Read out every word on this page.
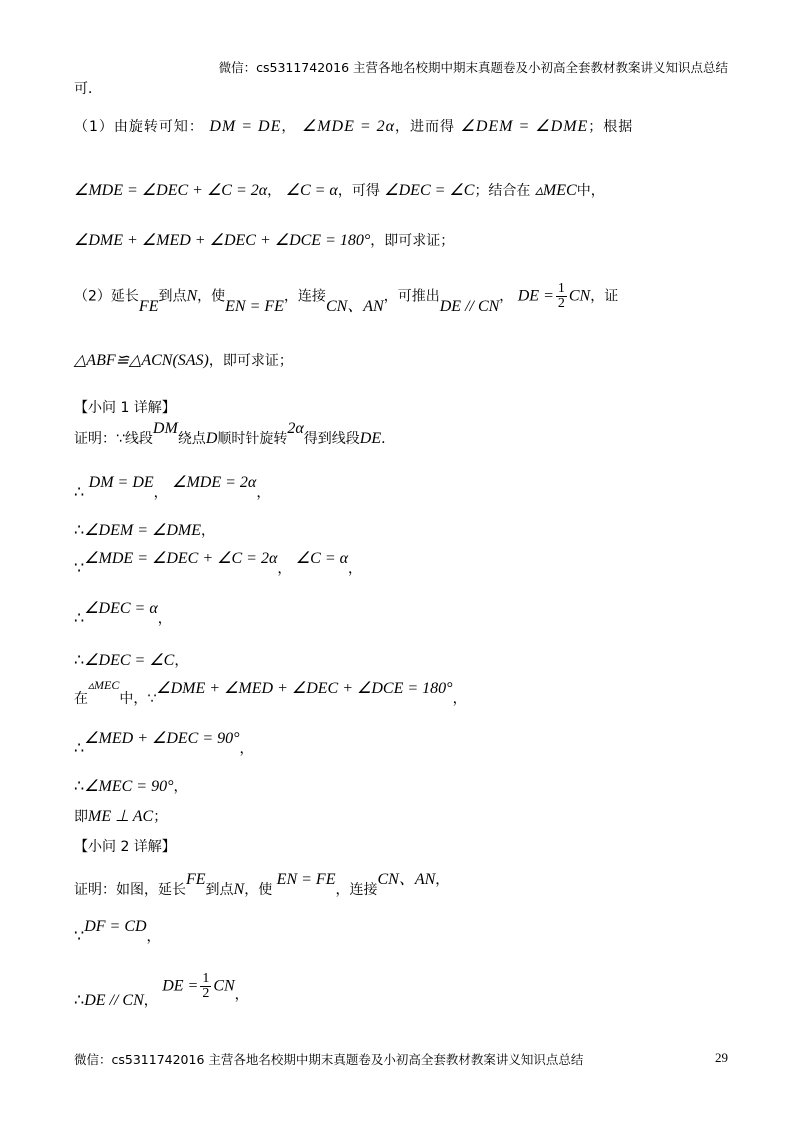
微信：cs5311742016 主营各地名校期中期末真题卷及小初高全套教材教案讲义知识点总结
可．
（1）由旋转可知： DM = DE， ∠MDE = 2α，进而得 ∠DEM = ∠DME；根据
∠MDE = ∠DEC + ∠C = 2α， ∠C = α，可得 ∠DEC = ∠C；结合在 ▵MEC中，
∠DME + ∠MED + ∠DEC + ∠DCE = 180°，即可求证；
（2）延长FE到点N，使EN = FE，连接CN、AN，可推出DE // CN， DE = $\frac{1}{2}$ CN，证
△ABF≌△ACN(SAS)，即可求证；
【小问 1 详解】
证明：∵线段DM绕点D顺时针旋转2α得到线段DE．
∴ DM = DE， ∠MDE = 2α，
∴∠DEM = ∠DME，
∵∠MDE = ∠DEC + ∠C = 2α， ∠C = α，
∴∠DEC = α，
∴∠DEC = ∠C，
在▵MEC中，∵∠DME + ∠MED + ∠DEC + ∠DCE = 180°，
∴∠MED + ∠DEC = 90°，
∴∠MEC = 90°，
即ME ⊥ AC；
【小问 2 详解】
证明：如图，延长FE到点N，使 EN = FE，连接CN、AN，
∵DF = CD，
∴DE // CN， DE = $\frac{1}{2}$ CN，
微信：cs5311742016 主营各地名校期中期末真题卷及小初高全套教材教案讲义知识点总结	29
